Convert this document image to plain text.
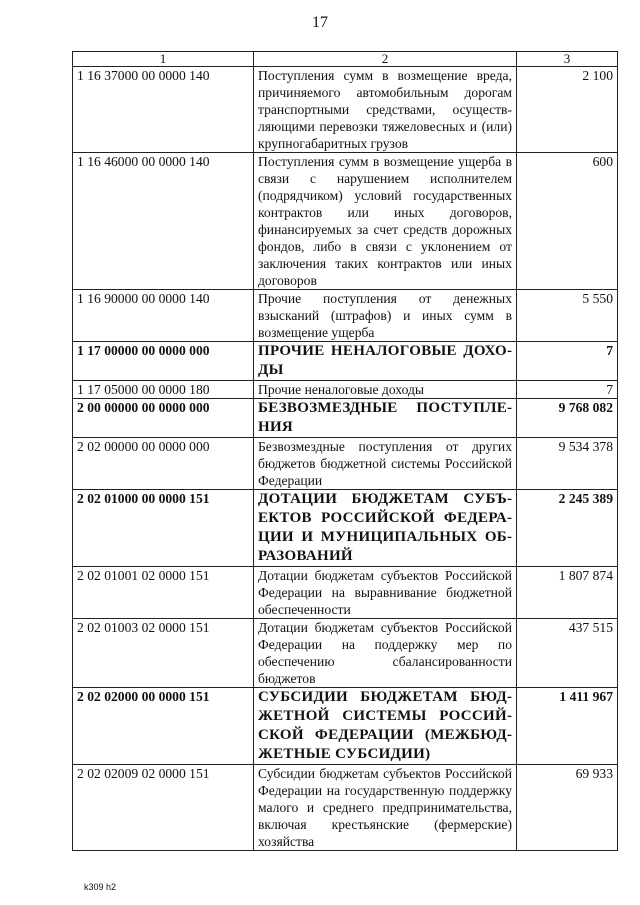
17
1	2	3
1 16 37000 00 0000 140	Поступления сумм в возмещение вреда, причиняемого автомобильным дорогам транспортными средствами, осуществляющими перевозки тяжеловесных и (или) крупногабаритных грузов	2 100
1 16 46000 00 0000 140	Поступления сумм в возмещение ущерба в связи с нарушением исполнителем (подрядчиком) условий государственных контрактов или иных договоров, финансируемых за счет средств дорожных фондов, либо в связи с уклонением от заключения таких контрактов или иных договоров	600
1 16 90000 00 0000 140	Прочие поступления от денежных взысканий (штрафов) и иных сумм в возмещение ущерба	5 550
1 17 00000 00 0000 000	ПРОЧИЕ НЕНАЛОГОВЫЕ ДОХОДЫ	7
1 17 05000 00 0000 180	Прочие неналоговые доходы	7
2 00 00000 00 0000 000	БЕЗВОЗМЕЗДНЫЕ ПОСТУПЛЕНИЯ	9 768 082
2 02 00000 00 0000 000	Безвозмездные поступления от других бюджетов бюджетной системы Российской Федерации	9 534 378
2 02 01000 00 0000 151	ДОТАЦИИ БЮДЖЕТАМ СУБЪЕКТОВ РОССИЙСКОЙ ФЕДЕРАЦИИ И МУНИЦИПАЛЬНЫХ ОБРАЗОВАНИЙ	2 245 389
2 02 01001 02 0000 151	Дотации бюджетам субъектов Российской Федерации на выравнивание бюджетной обеспеченности	1 807 874
2 02 01003 02 0000 151	Дотации бюджетам субъектов Российской Федерации на поддержку мер по обеспечению сбалансированности бюджетов	437 515
2 02 02000 00 0000 151	СУБСИДИИ БЮДЖЕТАМ БЮДЖЕТНОЙ СИСТЕМЫ РОССИЙСКОЙ ФЕДЕРАЦИИ (МЕЖБЮДЖЕТНЫЕ СУБСИДИИ)	1 411 967
2 02 02009 02 0000 151	Субсидии бюджетам субъектов Российской Федерации на государственную поддержку малого и среднего предпринимательства, включая крестьянские (фермерские) хозяйства	69 933
k309 h2
